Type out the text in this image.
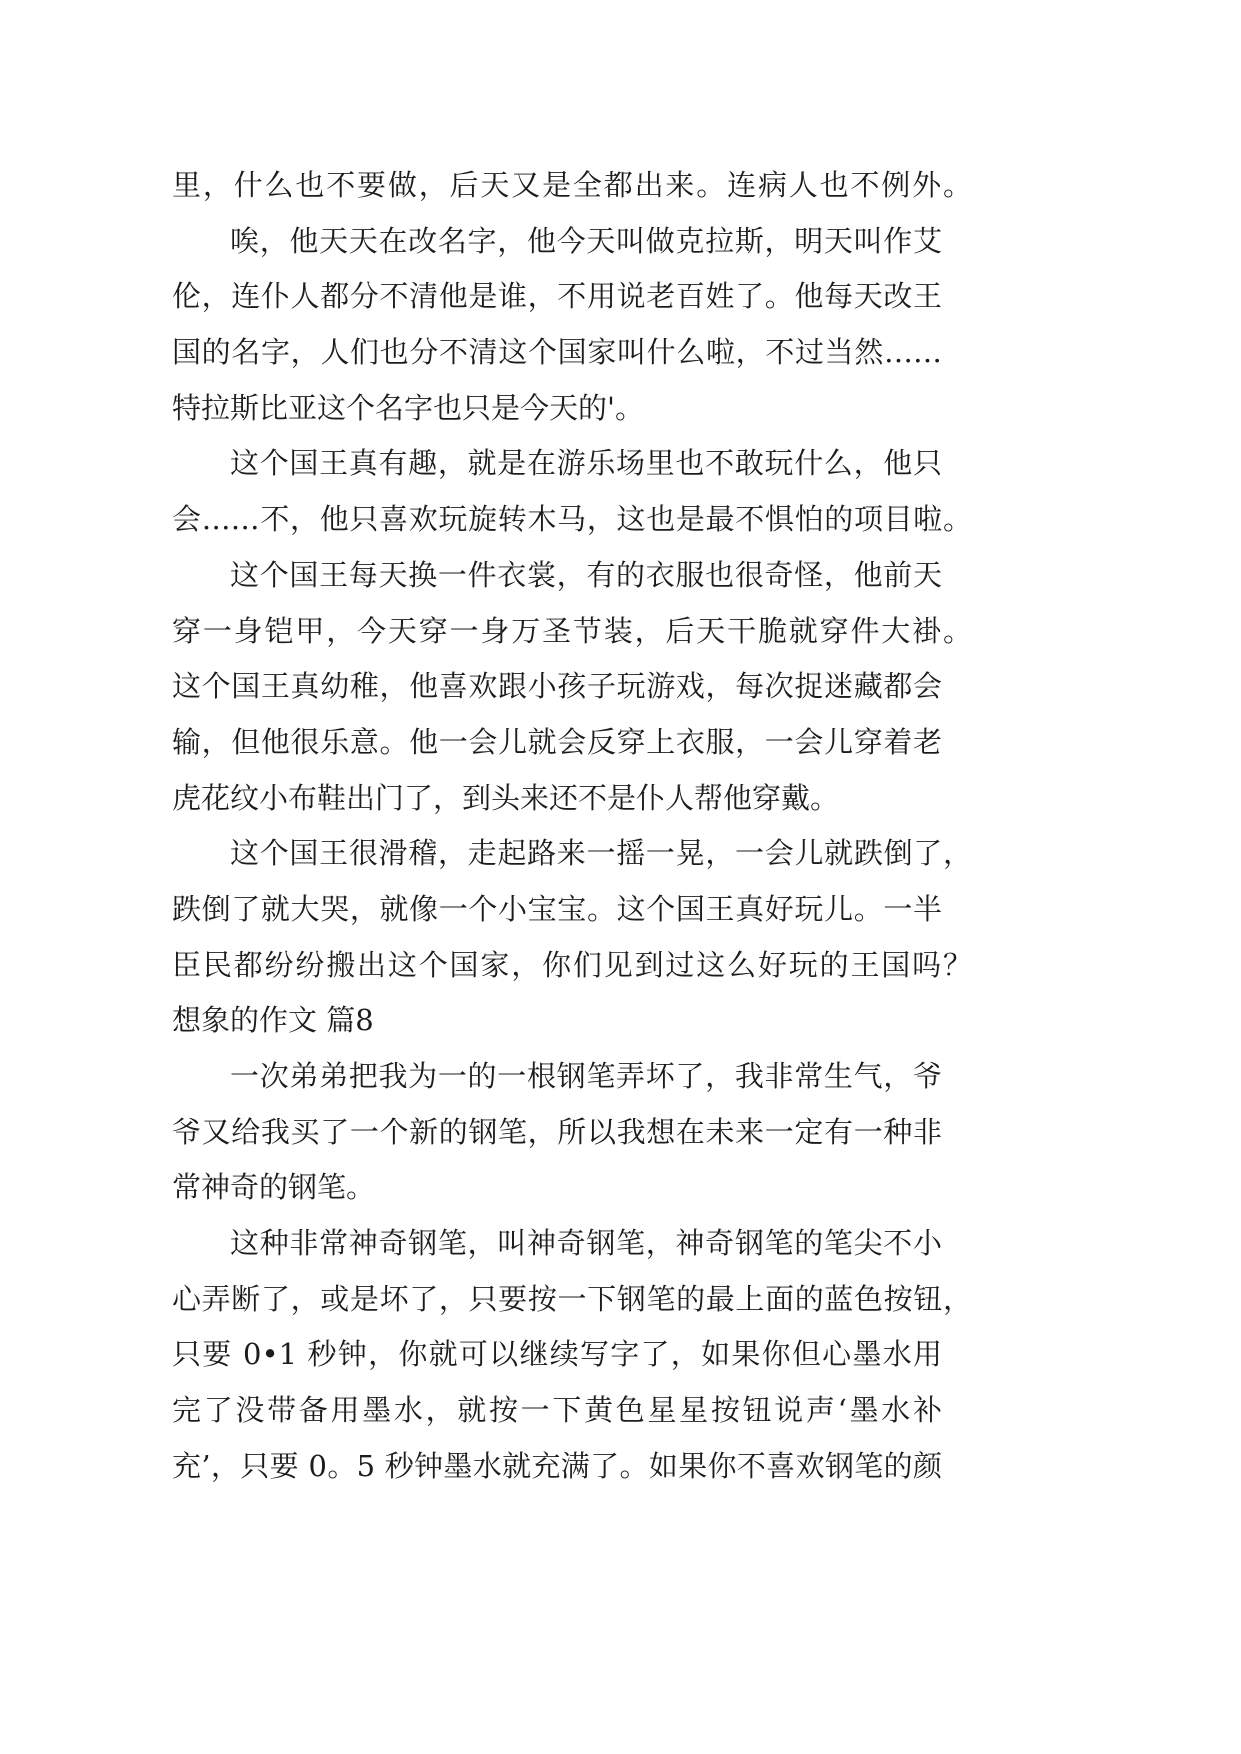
里，什么也不要做，后天又是全都出来。连病人也不例外。
唉，他天天在改名字，他今天叫做克拉斯，明天叫作艾
伦，连仆人都分不清他是谁，不用说老百姓了。他每天改王
国的名字，人们也分不清这个国家叫什么啦，不过当然……
特拉斯比亚这个名字也只是今天的'。
这个国王真有趣，就是在游乐场里也不敢玩什么，他只
会……不，他只喜欢玩旋转木马，这也是最不惧怕的项目啦。
这个国王每天换一件衣裳，有的衣服也很奇怪，他前天
穿一身铠甲，今天穿一身万圣节装，后天干脆就穿件大褂。
这个国王真幼稚，他喜欢跟小孩子玩游戏，每次捉迷藏都会
输，但他很乐意。他一会儿就会反穿上衣服，一会儿穿着老
虎花纹小布鞋出门了，到头来还不是仆人帮他穿戴。
这个国王很滑稽，走起路来一摇一晃，一会儿就跌倒了，
跌倒了就大哭，就像一个小宝宝。这个国王真好玩儿。一半
臣民都纷纷搬出这个国家，你们见到过这么好玩的王国吗？
想象的作文 篇8
一次弟弟把我为一的一根钢笔弄坏了，我非常生气，爷
爷又给我买了一个新的钢笔，所以我想在未来一定有一种非
常神奇的钢笔。
这种非常神奇钢笔，叫神奇钢笔，神奇钢笔的笔尖不小
心弄断了，或是坏了，只要按一下钢笔的最上面的蓝色按钮，
只要 0•1 秒钟，你就可以继续写字了，如果你但心墨水用
完了没带备用墨水，就按一下黄色星星按钮说声‘墨水补
充’，只要 0。5 秒钟墨水就充满了。如果你不喜欢钢笔的颜
